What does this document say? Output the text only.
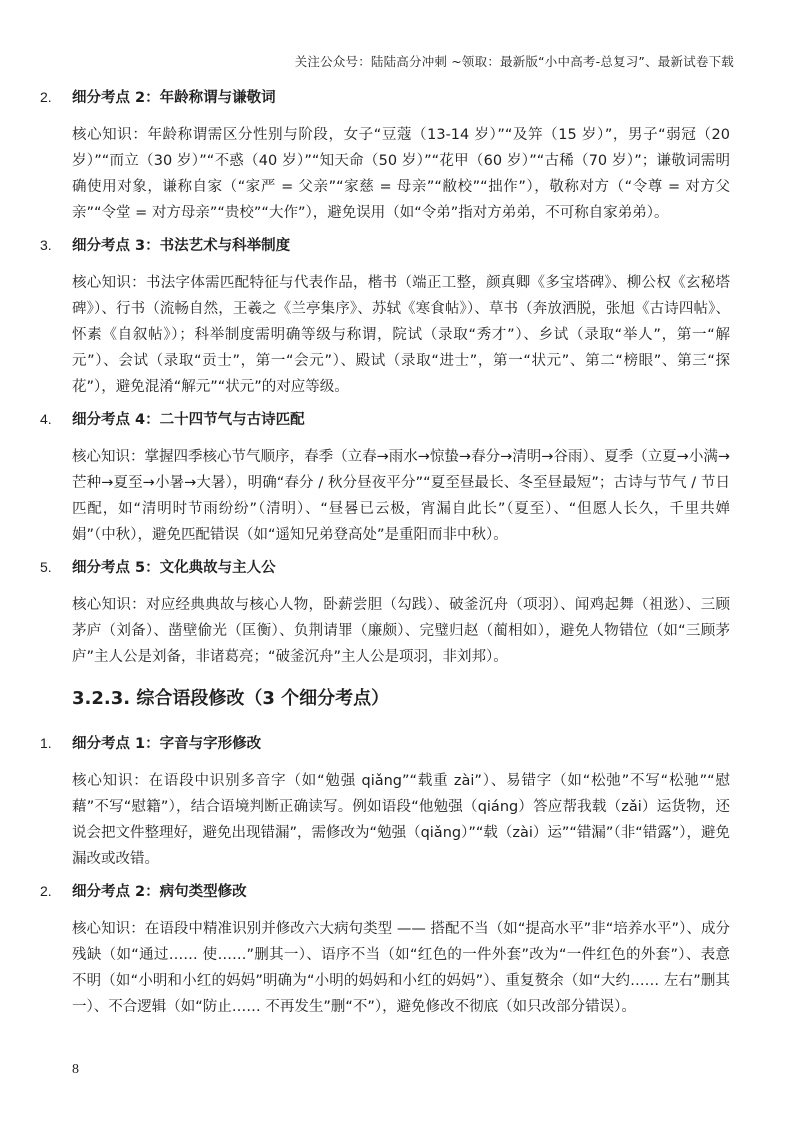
关注公众号：陆陆高分冲刺 ~领取：最新版“小中高考-总复习”、最新试卷下载
2.	细分考点 2：年龄称谓与谦敬词
核心知识：年龄称谓需区分性别与阶段，女子“豆蔻（13-14 岁）”“及笄（15 岁）”，男子“弱冠（20 岁）”“而立（30 岁）”“不惑（40 岁）”“知天命（50 岁）”“花甲（60 岁）”“古稀（70 岁）”；谦敬词需明确使用对象，谦称自家（“家严 = 父亲”“家慈 = 母亲”“敝校”“拙作”），敬称对方（“令尊 = 对方父亲”“令堂 = 对方母亲”“贵校”“大作”），避免误用（如“令弟”指对方弟弟，不可称自家弟弟）。
3.	细分考点 3：书法艺术与科举制度
核心知识：书法字体需匹配特征与代表作品，楷书（端正工整，颜真卿《多宝塔碑》、柳公权《玄秘塔碑》）、行书（流畅自然，王羲之《兰亭集序》、苏轼《寒食帖》）、草书（奔放洒脱，张旭《古诗四帖》、怀素《自叙帖》）；科举制度需明确等级与称谓，院试（录取“秀才”）、乡试（录取“举人”，第一“解元”）、会试（录取“贡士”，第一“会元”）、殿试（录取“进士”，第一“状元”、第二“榜眼”、第三“探花”），避免混淆“解元”“状元”的对应等级。
4.	细分考点 4：二十四节气与古诗匹配
核心知识：掌握四季核心节气顺序，春季（立春→雨水→惊蛰→春分→清明→谷雨）、夏季（立夏→小满→芒种→夏至→小暑→大暑），明确“春分 / 秋分昼夜平分”“夏至昼最长、冬至昼最短”；古诗与节气 / 节日匹配，如“清明时节雨纷纷”（清明）、“昼晷已云极，宵漏自此长”（夏至）、“但愿人长久，千里共婵娟”（中秋），避免匹配错误（如“遥知兄弟登高处”是重阳而非中秋）。
5.	细分考点 5：文化典故与主人公
核心知识：对应经典典故与核心人物，卧薪尝胆（勾践）、破釜沉舟（项羽）、闻鸡起舞（祖逖）、三顾茅庐（刘备）、凿壁偷光（匡衡）、负荆请罪（廉颇）、完璧归赵（蔺相如），避免人物错位（如“三顾茅庐”主人公是刘备，非诸葛亮；“破釜沉舟”主人公是项羽，非刘邦）。
3.2.3. 综合语段修改（3 个细分考点）
1.	细分考点 1：字音与字形修改
核心知识：在语段中识别多音字（如“勉强 qiǎng”“载重 zài”）、易错字（如“松弛”不写“松驰”“慰藉”不写“慰籍”），结合语境判断正确读写。例如语段“他勉强（qiáng）答应帮我载（zǎi）运货物，还说会把文件整理好，避免出现错漏”，需修改为“勉强（qiǎng）”“载（zài）运”“错漏”（非“错露”），避免漏改或改错。
2.	细分考点 2：病句类型修改
核心知识：在语段中精准识别并修改六大病句类型 —— 搭配不当（如“提高水平”非“培养水平”）、成分残缺（如“通过…… 使……”删其一）、语序不当（如“红色的一件外套”改为“一件红色的外套”）、表意不明（如“小明和小红的妈妈”明确为“小明的妈妈和小红的妈妈”）、重复赘余（如“大约…… 左右”删其一）、不合逻辑（如“防止…… 不再发生”删“不”），避免修改不彻底（如只改部分错误）。
8
